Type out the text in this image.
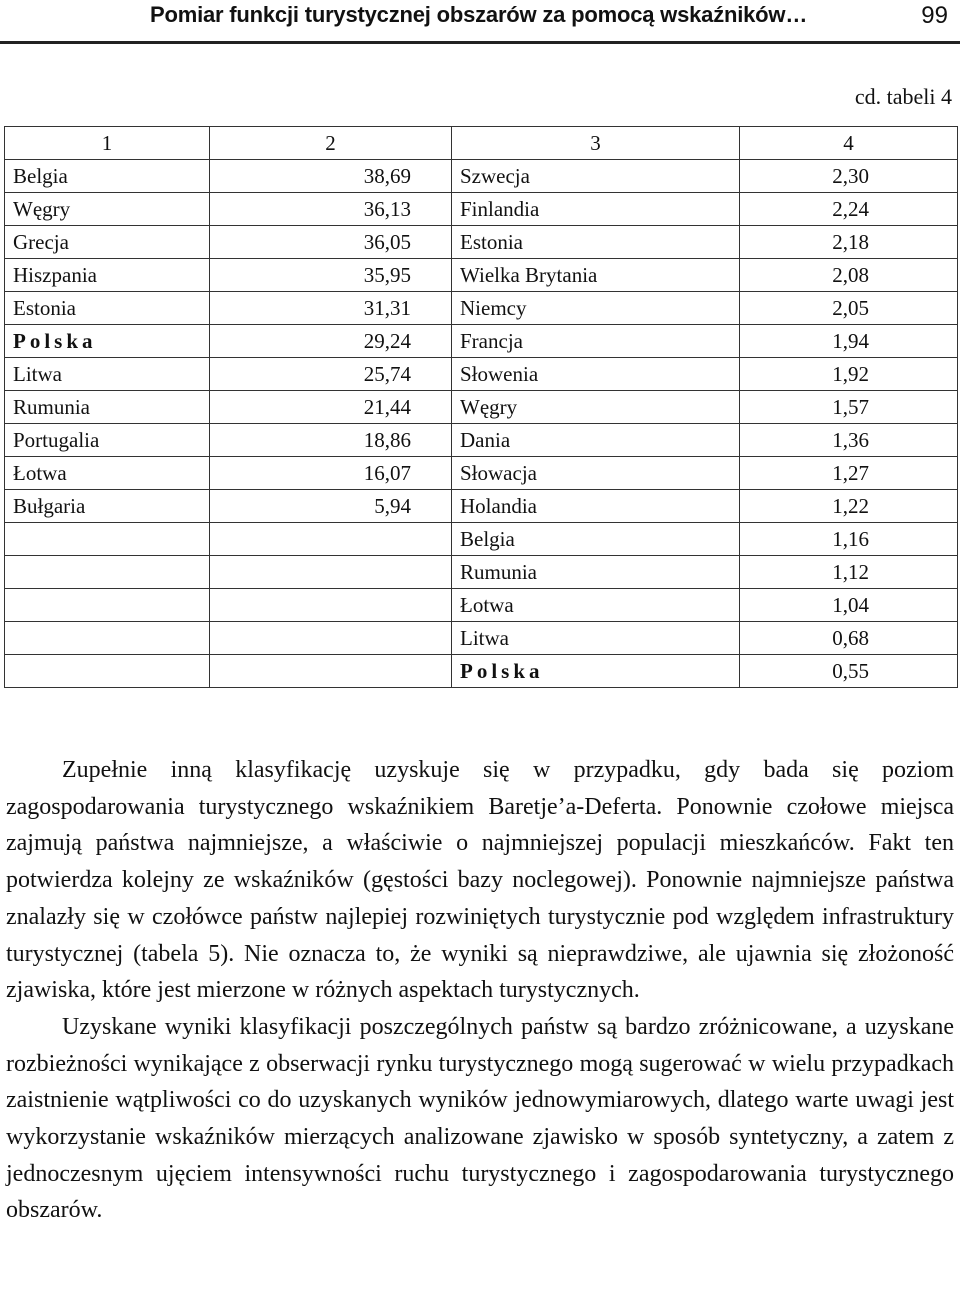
Pomiar funkcji turystycznej obszarów za pomocą wskaźników…	99
cd. tabeli 4
1	2	3	4
Belgia	38,69	Szwecja	2,30
Węgry	36,13	Finlandia	2,24
Grecja	36,05	Estonia	2,18
Hiszpania	35,95	Wielka Brytania	2,08
Estonia	31,31	Niemcy	2,05
Polska	29,24	Francja	1,94
Litwa	25,74	Słowenia	1,92
Rumunia	21,44	Węgry	1,57
Portugalia	18,86	Dania	1,36
Łotwa	16,07	Słowacja	1,27
Bułgaria	5,94	Holandia	1,22
		Belgia	1,16
		Rumunia	1,12
		Łotwa	1,04
		Litwa	0,68
		Polska	0,55

Zupełnie inną klasyfikację uzyskuje się w przypadku, gdy bada się poziom zagospodarowania turystycznego wskaźnikiem Baretje’a-Deferta. Ponownie czołowe miejsca zajmują państwa najmniejsze, a właściwie o najmniejszej populacji mieszkańców. Fakt ten potwierdza kolejny ze wskaźników (gęstości bazy noclegowej). Ponownie najmniejsze państwa znalazły się w czołówce państw najlepiej rozwiniętych turystycznie pod względem infrastruktury turystycznej (tabela 5). Nie oznacza to, że wyniki są nieprawdziwe, ale ujawnia się złożoność zjawiska, które jest mierzone w różnych aspektach turystycznych.

Uzyskane wyniki klasyfikacji poszczególnych państw są bardzo zróżnicowane, a uzyskane rozbieżności wynikające z obserwacji rynku turystycznego mogą sugerować w wielu przypadkach zaistnienie wątpliwości co do uzyskanych wyników jednowymiarowych, dlatego warte uwagi jest wykorzystanie wskaźników mierzących analizowane zjawisko w sposób syntetyczny, a zatem z jednoczesnym ujęciem intensywności ruchu turystycznego i zagospodarowania turystycznego obszarów.
